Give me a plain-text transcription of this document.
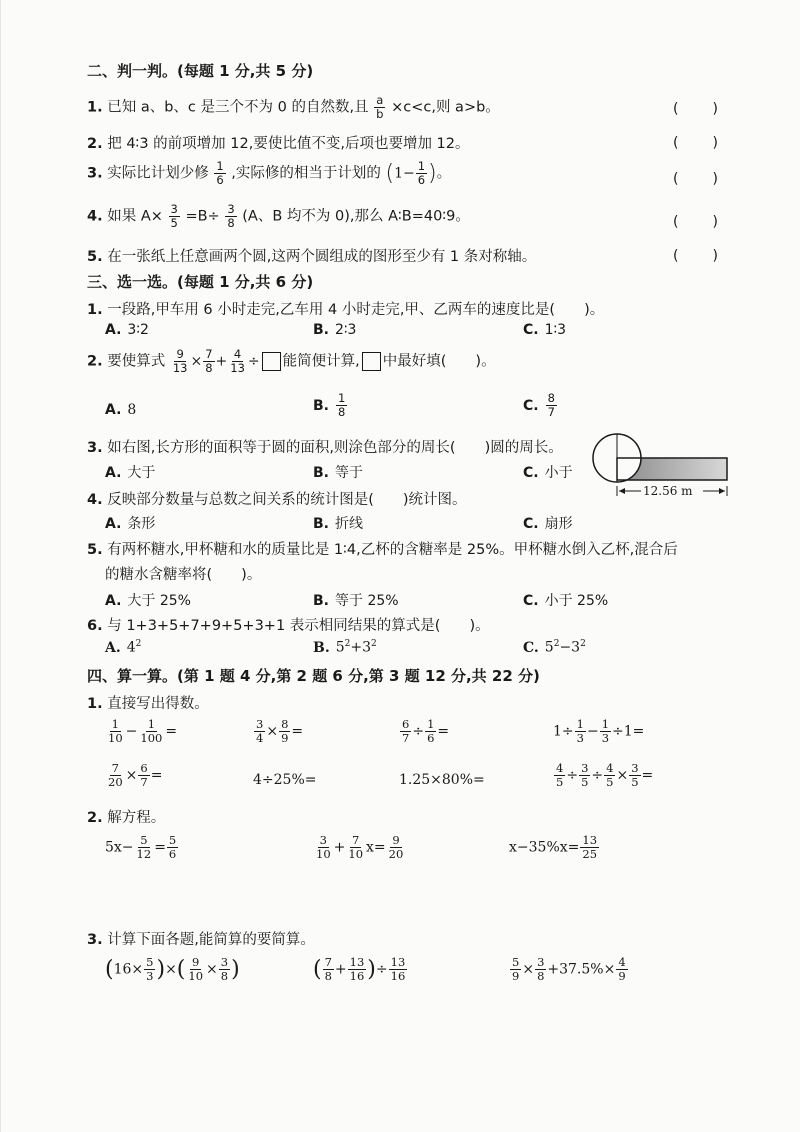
二、判一判。(每题 1 分,共 5 分)
1. 已知 a、b、c 是三个不为 0 的自然数,且 $\frac{a}{b} \times c<c$,则 a>b。	(　　)
2. 把 4∶3 的前项增加 12,要使比值不变,后项也要增加 12。	(　　)
3. 实际比计划少修 $\frac{1}{6}$ ,实际修的相当于计划的 ($1- \frac{1}{6}$ )。	(　　)
4. 如果 $A\times \frac{3}{5} =B\div \frac{3}{8} (A$、B 均不为 0),那么 A∶B=40∶9。	(　　)
5. 在一张纸上任意画两个圆,这两个圆组成的图形至少有 1 条对称轴。	(　　)
三、选一选。(每题 1 分,共 6 分)
1. 一段路,甲车用 6 小时走完,乙车用 4 小时走完,甲、乙两车的速度比是(　　)。
A. 3∶2	B. 2∶3	C. 1∶3
2. 要使算式 $\frac{9}{13} \times \frac{7}{8} + \frac{4}{13}$ ÷ 能简便计算, 中最好填(　　)。
A. 8	B. $\frac{1}{8}$	C. $\frac{8}{7}$
3. 如右图,长方形的面积等于圆的面积,则涂色部分的周长(　　)圆的周长。
A. 大于	B. 等于	C. 小于
12.56 m
4. 反映部分数量与总数之间关系的统计图是(　　)统计图。
A. 条形	B. 折线	C. 扇形
5. 有两杯糖水,甲杯糖和水的质量比是 1∶4,乙杯的含糖率是 25%。甲杯糖水倒入乙杯,混合后
的糖水含糖率将(　　)。
A. 大于 25%	B. 等于 25%	C. 小于 25%
6. 与 1+3+5+7+9+5+3+1 表示相同结果的算式是(　　)。
A. $4^2$	B. $5^2+3^2$	C. $5^2-3^2$
四、算一算。(第 1 题 4 分,第 2 题 6 分,第 3 题 12 分,共 22 分)
1. 直接写出得数。
$\frac{1}{10} - \frac{1}{100}$ =	$\frac{3}{4} \times \frac{8}{9}$ =	$\frac{6}{7} \div \frac{1}{6}$ =	$1\div \frac{1}{3} - \frac{1}{3} \div 1=$
$\frac{7}{20} \times \frac{6}{7}$ =	4÷25%=	1.25×80%=	$\frac{4}{5} \div \frac{3}{5} \div \frac{4}{5} \times \frac{3}{5}$ =
2. 解方程。
$5x- \frac{5}{12} = \frac{5}{6}$	$\frac{3}{10} + \frac{7}{10} x= \frac{9}{20}$	$x-35\%x= \frac{13}{25}$
3. 计算下面各题,能简算的要简算。
($16\times \frac{5}{3}$ )×( $\frac{9}{10} \times \frac{3}{8}$ )	( $\frac{7}{8} + \frac{13}{16}$ )÷ $\frac{13}{16}$	$\frac{5}{9} \times \frac{3}{8} +37.5\%\times \frac{4}{9}$
